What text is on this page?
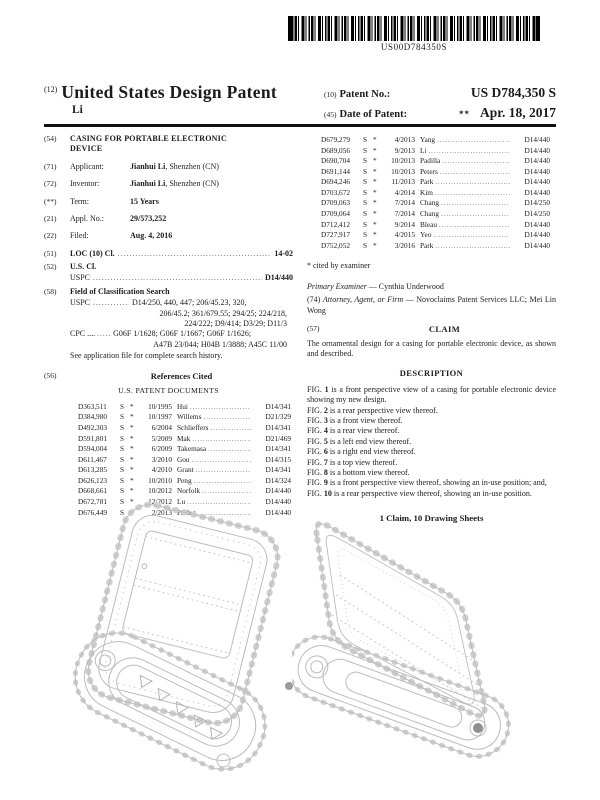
US00D784350S
$^{(12)}$ United States Design Patent
Li
(10) Patent No.:	US D784,350 S
(45) Date of Patent:	** Apr. 18, 2017
(54)	CASING FOR PORTABLE ELECTRONIC DEVICE
(71)	Applicant:	Jianhui Li, Shenzhen (CN)
(72)	Inventor:	Jianhui Li, Shenzhen (CN)
(**)	Term:	15 Years
(21)	Appl. No.:	29/573,252
(22)	Filed:	Aug. 4, 2016
(51)	LOC (10) Cl. .....	14-02
(52)	U.S. Cl.
USPC .....	D14/440
(58)	Field of Classification Search
USPC .....	D14/250, 440, 447; 206/45.23, 320,
206/45.2; 361/679.55; 294/25; 224/218,
224/222; D9/414; D3/29; D11/3
CPC .... ..... G06F 1/1628; G06F 1/1667; G06F 1/1626;
A47B 23/044; H04B 1/3888; A45C 11/00
See application file for complete search history.
(56)	References Cited
U.S. PATENT DOCUMENTS
D363,511	S *	10/1995 Hui .....	D14/341
D384,980	S *	10/1997 Willems .....	D21/329
D492,303	S *	6/2004 Schlieffers .....	D14/341
D591,801	S *	5/2009 Mak .....	D21/469
D594,004	S *	6/2009 Takemasa .....	D14/341
D611,467	S *	3/2010 Gou .....	D14/315
D613,285	S *	4/2010 Grant .....	D14/341
D626,123	S *	10/2010 Peng .....	D14/324
D668,661	S *	10/2012 Norfolk .....	D14/440
D672,781	S *	12/2012 Lu .....	D14/440
D676,449	S *	2/2013 Probst .....	D14/440
D679,279	S *	4/2013 Yang .....	D14/440
D689,056	S *	9/2013 Li .....	D14/440
D690,704	S *	10/2013 Padilla .....	D14/440
D691,144	S *	10/2013 Peters .....	D14/440
D694,246	S *	11/2013 Park .....	D14/440
D703,672	S *	4/2014 Kim .....	D14/440
D709,063	S *	7/2014 Chang .....	D14/250
D709,064	S *	7/2014 Chang .....	D14/250
D712,412	S *	9/2014 Bleau .....	D14/440
D727,917	S *	4/2015 Yeo .....	D14/440
D752,052	S *	3/2016 Park .....	D14/440
* cited by examiner

Primary Examiner — Cynthia Underwood

(74) Attorney, Agent, or Firm — Novoclaims Patent Services LLC; Mei Lin Wong

(57)	CLAIM

The ornamental design for a casing for portable electronic device, as shown and described.

DESCRIPTION
FIG. 1 is a front perspective view of a casing for portable electronic device showing my new design.
FIG. 2 is a rear perspective view thereof.
FIG. 3 is a front view thereof.
FIG. 4 is a rear view thereof.
FIG. 5 is a left end view thereof.
FIG. 6 is a right end view thereof.
FIG. 7 is a top view thereof.
FIG. 8 is a bottom view thereof.
FIG. 9 is a front perspective view thereof, showing an in-use position; and,
FIG. 10 is a rear perspective view thereof, showing an in-use position.
1 Claim, 10 Drawing Sheets
